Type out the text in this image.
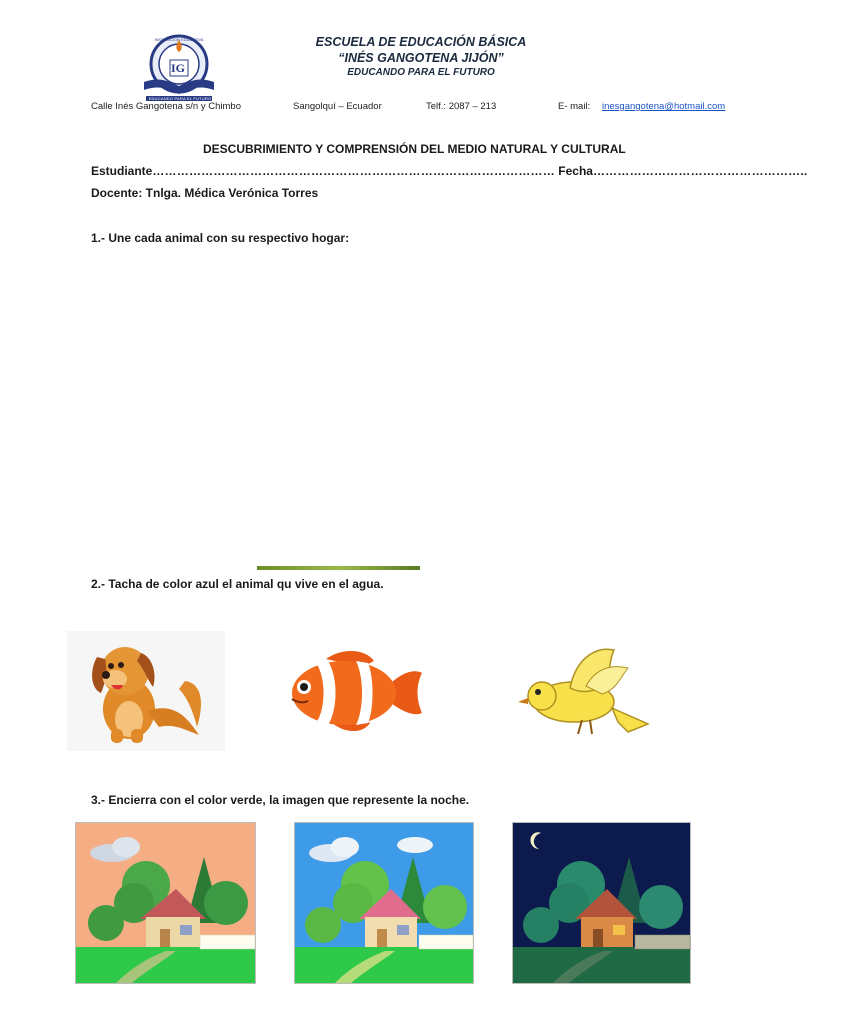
IG
EDUCANDO PARA EL FUTURO
INSTITUCION EDUCATIVA
1948
ESCUELA DE EDUCACIÓN BÁSICA
“INÉS GANGOTENA JIJÓN”
EDUCANDO PARA EL FUTURO
Calle Inés Gangotena s/n y Chimbo	Sangolquí – Ecuador	Telf.: 2087 – 213	E- mail: inesgangotena@hotmail.com
DESCUBRIMIENTO Y COMPRENSIÓN DEL MEDIO NATURAL Y CULTURAL
Estudiante……………………………………………………………………………………… Fecha……………………………………………..
Docente: Tnlga. Médica Verónica Torres
1.- Une cada animal con su respectivo hogar:
2.- Tacha de color azul el animal qu vive en el agua.
3.- Encierra con el color verde, la imagen que represente la noche.
